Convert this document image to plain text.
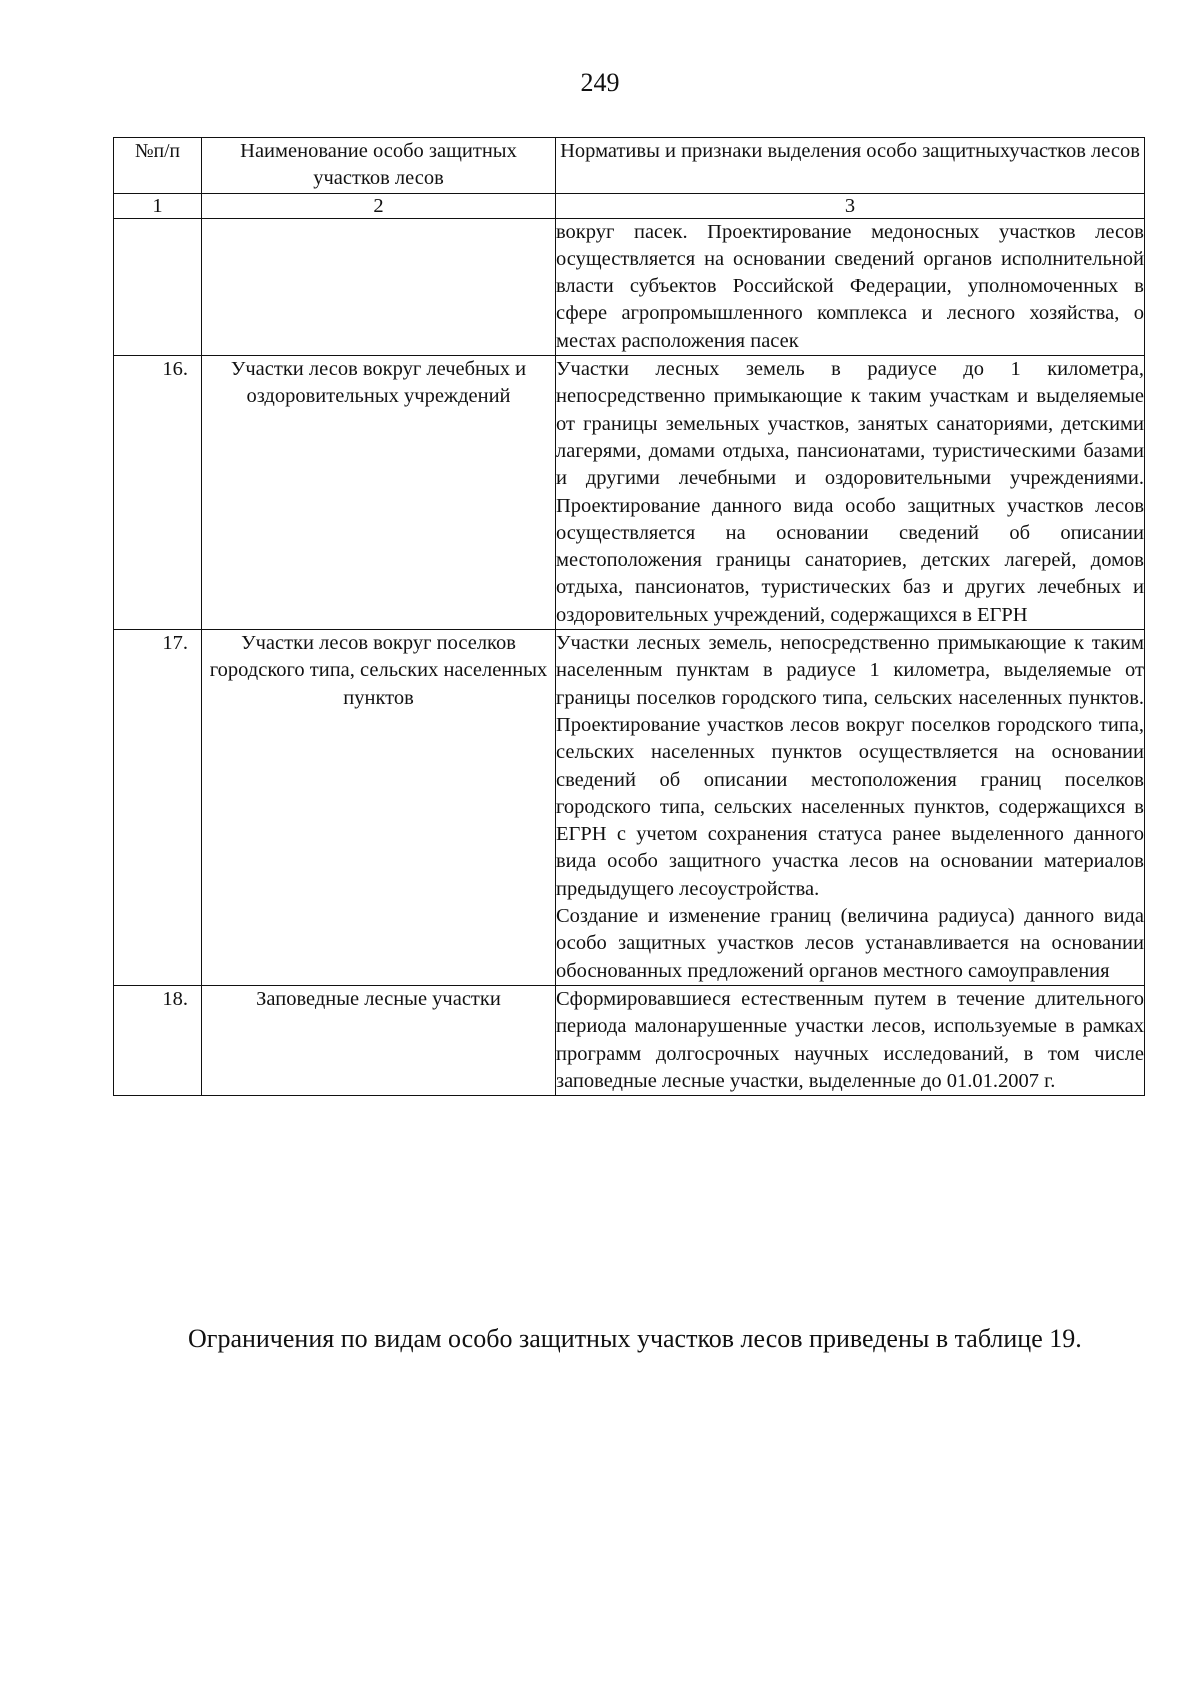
249
№п/п	Наименование особо защитных участков лесов	Нормативы и признаки выделения особо защитныхучастков лесов
1	2	3

		вокруг пасек. Проектирование медоносных участков лесов осуществляется на основании сведений органов исполнительной власти субъектов Российской Федерации, уполномоченных в сфере агропромышленного комплекса и лесного хозяйства, о местах расположения пасек

16.	Участки лесов вокруг лечебных и оздоровительных учреждений	Участки лесных земель в радиусе до 1 километра, непосредственно примыкающие к таким участкам и выделяемые от границы земельных участков, занятых санаториями, детскими лагерями, домами отдыха, пансионатами, туристическими базами и другими лечебными и оздоровительными учреждениями. Проектирование данного вида особо защитных участков лесов осуществляется на основании сведений об описании местоположения границы санаториев, детских лагерей, домов отдыха, пансионатов, туристических баз и других лечебных и оздоровительных учреждений, содержащихся в ЕГРН

17.	Участки лесов вокруг поселков городского типа, сельских населенных пунктов	Участки лесных земель, непосредственно примыкающие к таким населенным пунктам в радиусе 1 километра, выделяемые от границы поселков городского типа, сельских населенных пунктов. Проектирование участков лесов вокруг поселков городского типа, сельских населенных пунктов осуществляется на основании сведений об описании местоположения границ поселков городского типа, сельских населенных пунктов, содержащихся в ЕГРН с учетом сохранения статуса ранее выделенного данного вида особо защитного участка лесов на основании материалов предыдущего лесоустройства.

Создание и изменение границ (величина радиуса) данного вида особо защитных участков лесов устанавливается на основании обоснованных предложений органов местного самоуправления

18.	Заповедные лесные участки	Сформировавшиеся естественным путем в течение длительного периода малонарушенные участки лесов, используемые в рамках программ долгосрочных научных исследований, в том числе заповедные лесные участки, выделенные до 01.01.2007 г.

Ограничения по видам особо защитных участков лесов приведены в таблице 19.
